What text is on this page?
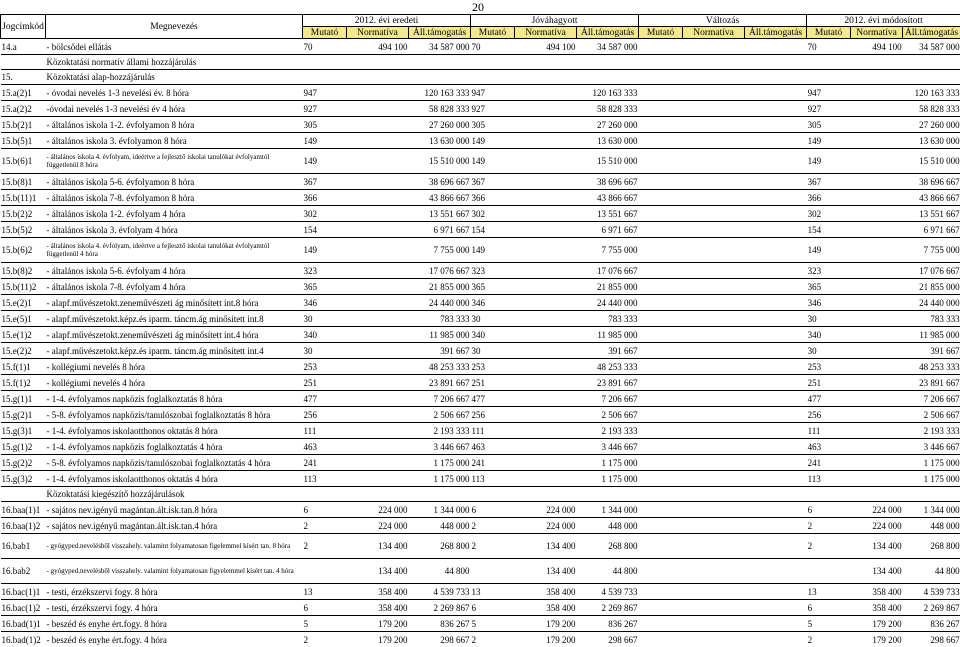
20
Jogcímkód	Megnevezés	2012. évi eredeti			Jóváhagyott			Változás			2012. évi módosított		
		Mutató	Normatíva	Áll.támogatás	Mutató	Normatíva	Áll.támogatás	Mutató	Normatíva	Áll.támogatás	Mutató	Normatíva	Áll.támogatás
14.a	- bölcsődei ellátás	70	494 100	34 587 000	70	494 100	34 587 000				70	494 100	34 587 000
	Közoktatási normatív állami hozzájárulás												
15.	Közoktatási alap-hozzájárulás												
15.a(2)1	- óvodai nevelés 1-3 nevelési év. 8 hóra	947		120 163 333	947		120 163 333				947		120 163 333
15.a(2)2	-óvodai nevelés 1-3 nevelési év 4 hóra	927		58 828 333	927		58 828 333				927		58 828 333
15.b(2)1	- általános iskola 1-2. évfolyamon 8 hóra	305		27 260 000	305		27 260 000				305		27 260 000
15.b(5)1	- általános iskola 3. évfolyamon 8 hóra	149		13 630 000	149		13 630 000				149		13 630 000
15.b(6)1	- általános iskola 4. évfolyam, ideértve a fejlesztő iskolai tanulókat évfolyamtól függetlenül 8 hóra	149		15 510 000	149		15 510 000				149		15 510 000
15.b(8)1	- általános iskola 5-6. évfolyamon 8 hóra	367		38 696 667	367		38 696 667				367		38 696 667
15.b(11)1	- általános iskola 7-8. évfolyamon 8 hóra	366		43 866 667	366		43 866 667				366		43 866 667
15.b(2)2	- általános iskola 1-2. évfolyam 4 hóra	302		13 551 667	302		13 551 667				302		13 551 667
15.b(5)2	- általános iskola 3. évfolyam 4 hóra	154		6 971 667	154		6 971 667				154		6 971 667
15.b(6)2	- általános iskola 4. évfolyam, ideértve a fejlesztő iskolai tanulókat évfolyamtól függetlenül 4 hóra	149		7 755 000	149		7 755 000				149		7 755 000
15.b(8)2	- általános iskola 5-6. évfolyam 4 hóra	323		17 076 667	323		17 076 667				323		17 076 667
15.b(11)2	- általános iskola 7-8. évfolyam 4 hóra	365		21 855 000	365		21 855 000				365		21 855 000
15.e(2)1	- alapf.művészetokt.zeneművészeti ág minősített int.8 hóra	346		24 440 000	346		24 440 000				346		24 440 000
15.e(5)1	- alapf.művészetokt.képz.és iparm. táncm.ág minősített int.8	30		783 333	30		783 333				30		783 333
15.e(1)2	- alapf.művészetokt.zeneművészeti ág minősített int.4 hóra	340		11 985 000	340		11 985 000				340		11 985 000
15.e(2)2	- alapf.művészetokt.képz.és iparm. táncm.ág minősített int.4	30		391 667	30		391 667				30		391 667
15.f(1)1	- kollégiumi nevelés 8 hóra	253		48 253 333	253		48 253 333				253		48 253 333
15.f(1)2	- kollégiumi nevelés 4 hóra	251		23 891 667	251		23 891 667				251		23 891 667
15.g(1)1	- 1-4. évfolyamos napközis foglalkoztatás 8 hóra	477		7 206 667	477		7 206 667				477		7 206 667
15.g(2)1	- 5-8. évfolyamos napközis/tanulószobai foglalkoztatás 8 hóra	256		2 506 667	256		2 506 667				256		2 506 667
15.g(3)1	- 1-4. évfolyamos iskolaotthonos oktatás 8 hóra	111		2 193 333	111		2 193 333				111		2 193 333
15.g(1)2	- 1-4. évfolyamos napközis foglalkoztatás 4 hóra	463		3 446 667	463		3 446 667				463		3 446 667
15.g(2)2	- 5-8. évfolyamos napközis/tanulószobai foglalkoztatás 4 hóra	241		1 175 000	241		1 175 000				241		1 175 000
15.g(3)2	- 1-4. évfolyamos iskolaotthonos oktatás 4 hóra	113		1 175 000	113		1 175 000				113		1 175 000
	Közoktatási kiegészítő hozzájárulások												
16.baa(1)1	- sajátos nev.igényű magántan.ált.isk.tan.8 hóra	6	224 000	1 344 000	6	224 000	1 344 000				6	224 000	1 344 000
16.baa(1)2	- sajátos nev.igényű magántan.ált.isk.tan.4 hóra	2	224 000	448 000	2	224 000	448 000				2	224 000	448 000
16.bab1	- gyógyped.nevelésből visszahely. valamint folyamatosan figelemmel kísért tan. 8 hóra	2	134 400	268 800	2	134 400	268 800				2	134 400	268 800
16.bab2	- gyógyped.nevelésből visszahely. valamint folyamatosan figyelemmel kísért tan. 4 hóra		134 400	44 800		134 400	44 800					134 400	44 800
16.bac(1)1	- testi, érzékszervi fogy. 8 hóra	13	358 400	4 539 733	13	358 400	4 539 733				13	358 400	4 539 733
16.bac(1)2	- testi, érzékszervi fogy. 4 hóra	6	358 400	2 269 867	6	358 400	2 269 867				6	358 400	2 269 867
16.bad(1)1	- beszéd és enyhe ért.fogy. 8 hóra	5	179 200	836 267	5	179 200	836 267				5	179 200	836 267
16.bad(1)2	- beszéd és enyhe ért.fogy. 4 hóra	2	179 200	298 667	2	179 200	298 667				2	179 200	298 667
